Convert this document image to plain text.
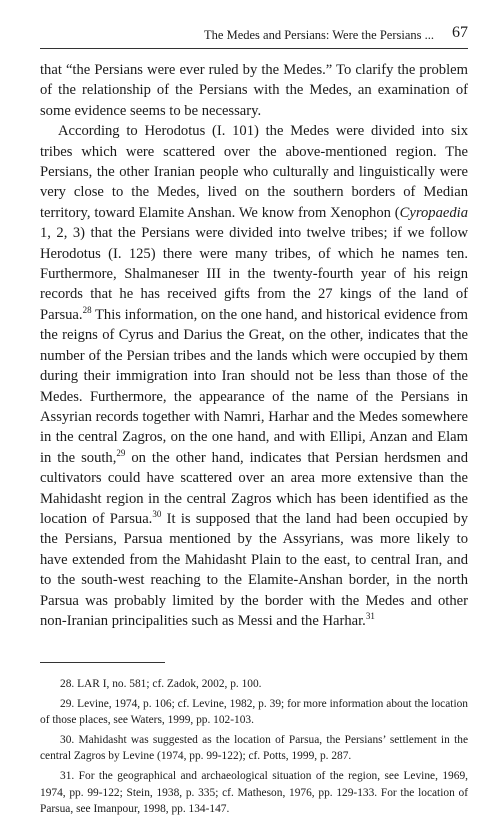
The Medes and Persians: Were the Persians ... 67

that “the Persians were ever ruled by the Medes.” To clarify the problem of the relationship of the Persians with the Medes, an examination of some evidence seems to be necessary.

According to Herodotus (I. 101) the Medes were divided into six tribes which were scattered over the above-mentioned region. The Persians, the other Iranian people who culturally and linguistically were very close to the Medes, lived on the southern borders of Median territory, toward Elamite Anshan. We know from Xenophon (Cyropaedia 1, 2, 3) that the Persians were divided into twelve tribes; if we follow Herodotus (I. 125) there were many tribes, of which he names ten. Furthermore, Shalmaneser III in the twenty-fourth year of his reign records that he has received gifts from the 27 kings of the land of Parsua.$^{28}$ This information, on the one hand, and historical evidence from the reigns of Cyrus and Darius the Great, on the other, indicates that the number of the Persian tribes and the lands which were occupied by them during their immigration into Iran should not be less than those of the Medes. Furthermore, the appearance of the name of the Persians in Assyrian records together with Namri, Harhar and the Medes somewhere in the central Zagros, on the one hand, and with Ellipi, Anzan and Elam in the south,$^{29}$ on the other hand, indicates that Persian herdsmen and cultivators could have scattered over an area more extensive than the Mahidasht region in the central Zagros which has been identified as the location of Parsua.$^{30}$ It is supposed that the land had been occupied by the Persians, Parsua mentioned by the Assyrians, was more likely to have extended from the Mahidasht Plain to the east, to central Iran, and to the south-west reaching to the Elamite-Anshan border, in the north Parsua was probably limited by the border with the Medes and other non-Iranian principalities such as Messi and the Harhar.$^{31}$

28. LAR I, no. 581; cf. Zadok, 2002, p. 100.

29. Levine, 1974, p. 106; cf. Levine, 1982, p. 39; for more information about the location of those places, see Waters, 1999, pp. 102-103.

30. Mahidasht was suggested as the location of Parsua, the Persians’ settlement in the central Zagros by Levine (1974, pp. 99-122); cf. Potts, 1999, p. 287.

31. For the geographical and archaeological situation of the region, see Levine, 1969, 1974, pp. 99-122; Stein, 1938, p. 335; cf. Matheson, 1976, pp. 129-133. For the location of Parsua, see Imanpour, 1998, pp. 134-147.
